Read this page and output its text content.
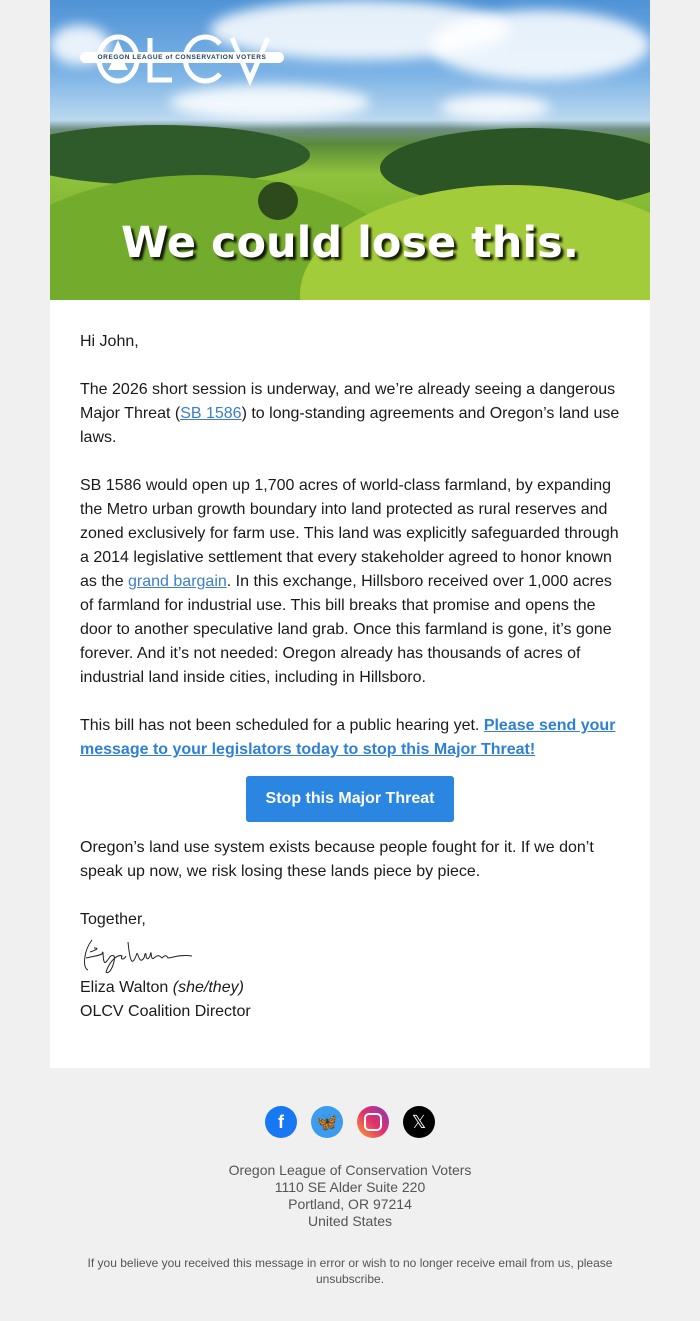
OREGON LEAGUE of CONSERVATION VOTERS
We could lose this.

Hi John,

The 2026 short session is underway, and we’re already seeing a dangerous Major Threat (SB 1586) to long-standing agreements and Oregon’s land use laws.

SB 1586 would open up 1,700 acres of world-class farmland, by expanding the Metro urban growth boundary into land protected as rural reserves and zoned exclusively for farm use. This land was explicitly safeguarded through a 2014 legislative settlement that every stakeholder agreed to honor known as the grand bargain. In this exchange, Hillsboro received over 1,000 acres of farmland for industrial use. This bill breaks that promise and opens the door to another speculative land grab. Once this farmland is gone, it’s gone forever. And it’s not needed: Oregon already has thousands of acres of industrial land inside cities, including in Hillsboro.

This bill has not been scheduled for a public hearing yet. Please send your message to your legislators today to stop this Major Threat!

Stop this Major Threat

Oregon’s land use system exists because people fought for it. If we don’t speak up now, we risk losing these lands piece by piece.

Together,
Eliza Walton (she/they)
OLCV Coalition Director
f	🦋	𝕏
Oregon League of Conservation Voters
1110 SE Alder Suite 220
Portland, OR 97214
United States
If you believe you received this message in error or wish to no longer receive email from us, please unsubscribe.
